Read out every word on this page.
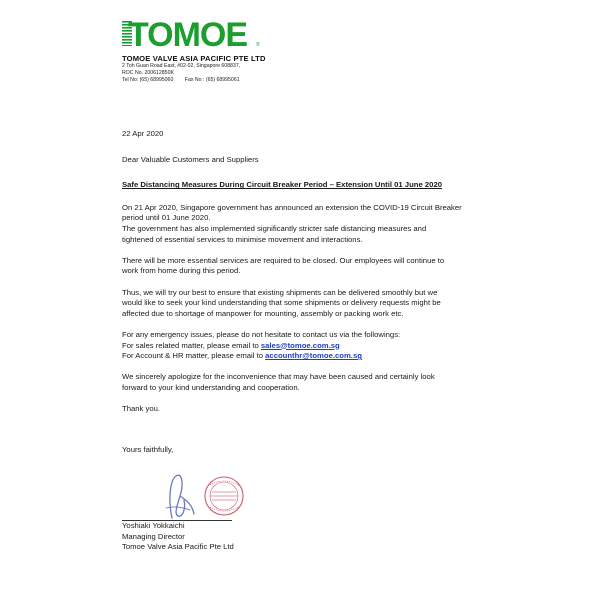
TOMOE ®
TOMOE VALVE ASIA PACIFIC PTE LTD
2 Toh Guan Road East, #02-02, Singapore 608837,
ROC No. 200612850K
Tel No: (65) 68995060 Fax No : (65) 68995061
22 Apr 2020
Dear Valuable Customers and Suppliers
Safe Distancing Measures During Circuit Breaker Period – Extension Until 01 June 2020

On 21 Apr 2020, Singapore government has announced an extension the COVID-19 Circuit Breaker

period until 01 June 2020.

The government has also implemented significantly stricter safe distancing measures and

tightened of essential services to minimise movement and interactions.

There will be more essential services are required to be closed. Our employees will continue to

work from home during this period.

Thus, we will try our best to ensure that existing shipments can be delivered smoothly but we

would like to seek your kind understanding that some shipments or delivery requests might be

affected due to shortage of manpower for mounting, assembly or packing work etc.

For any emergency issues, please do not hesitate to contact us via the followings:

For sales related matter, please email to sales@tomoe.com.sg

For Account & HR matter, please email to accounthr@tomoe.com.sg

We sincerely apologize for the inconvenience that may have been caused and certainly look

forward to your kind understanding and cooperation.

Thank you.
Yours faithfully,
Yoshiaki Yokkaichi
Managing Director
Tomoe Valve Asia Pacific Pte Ltd
